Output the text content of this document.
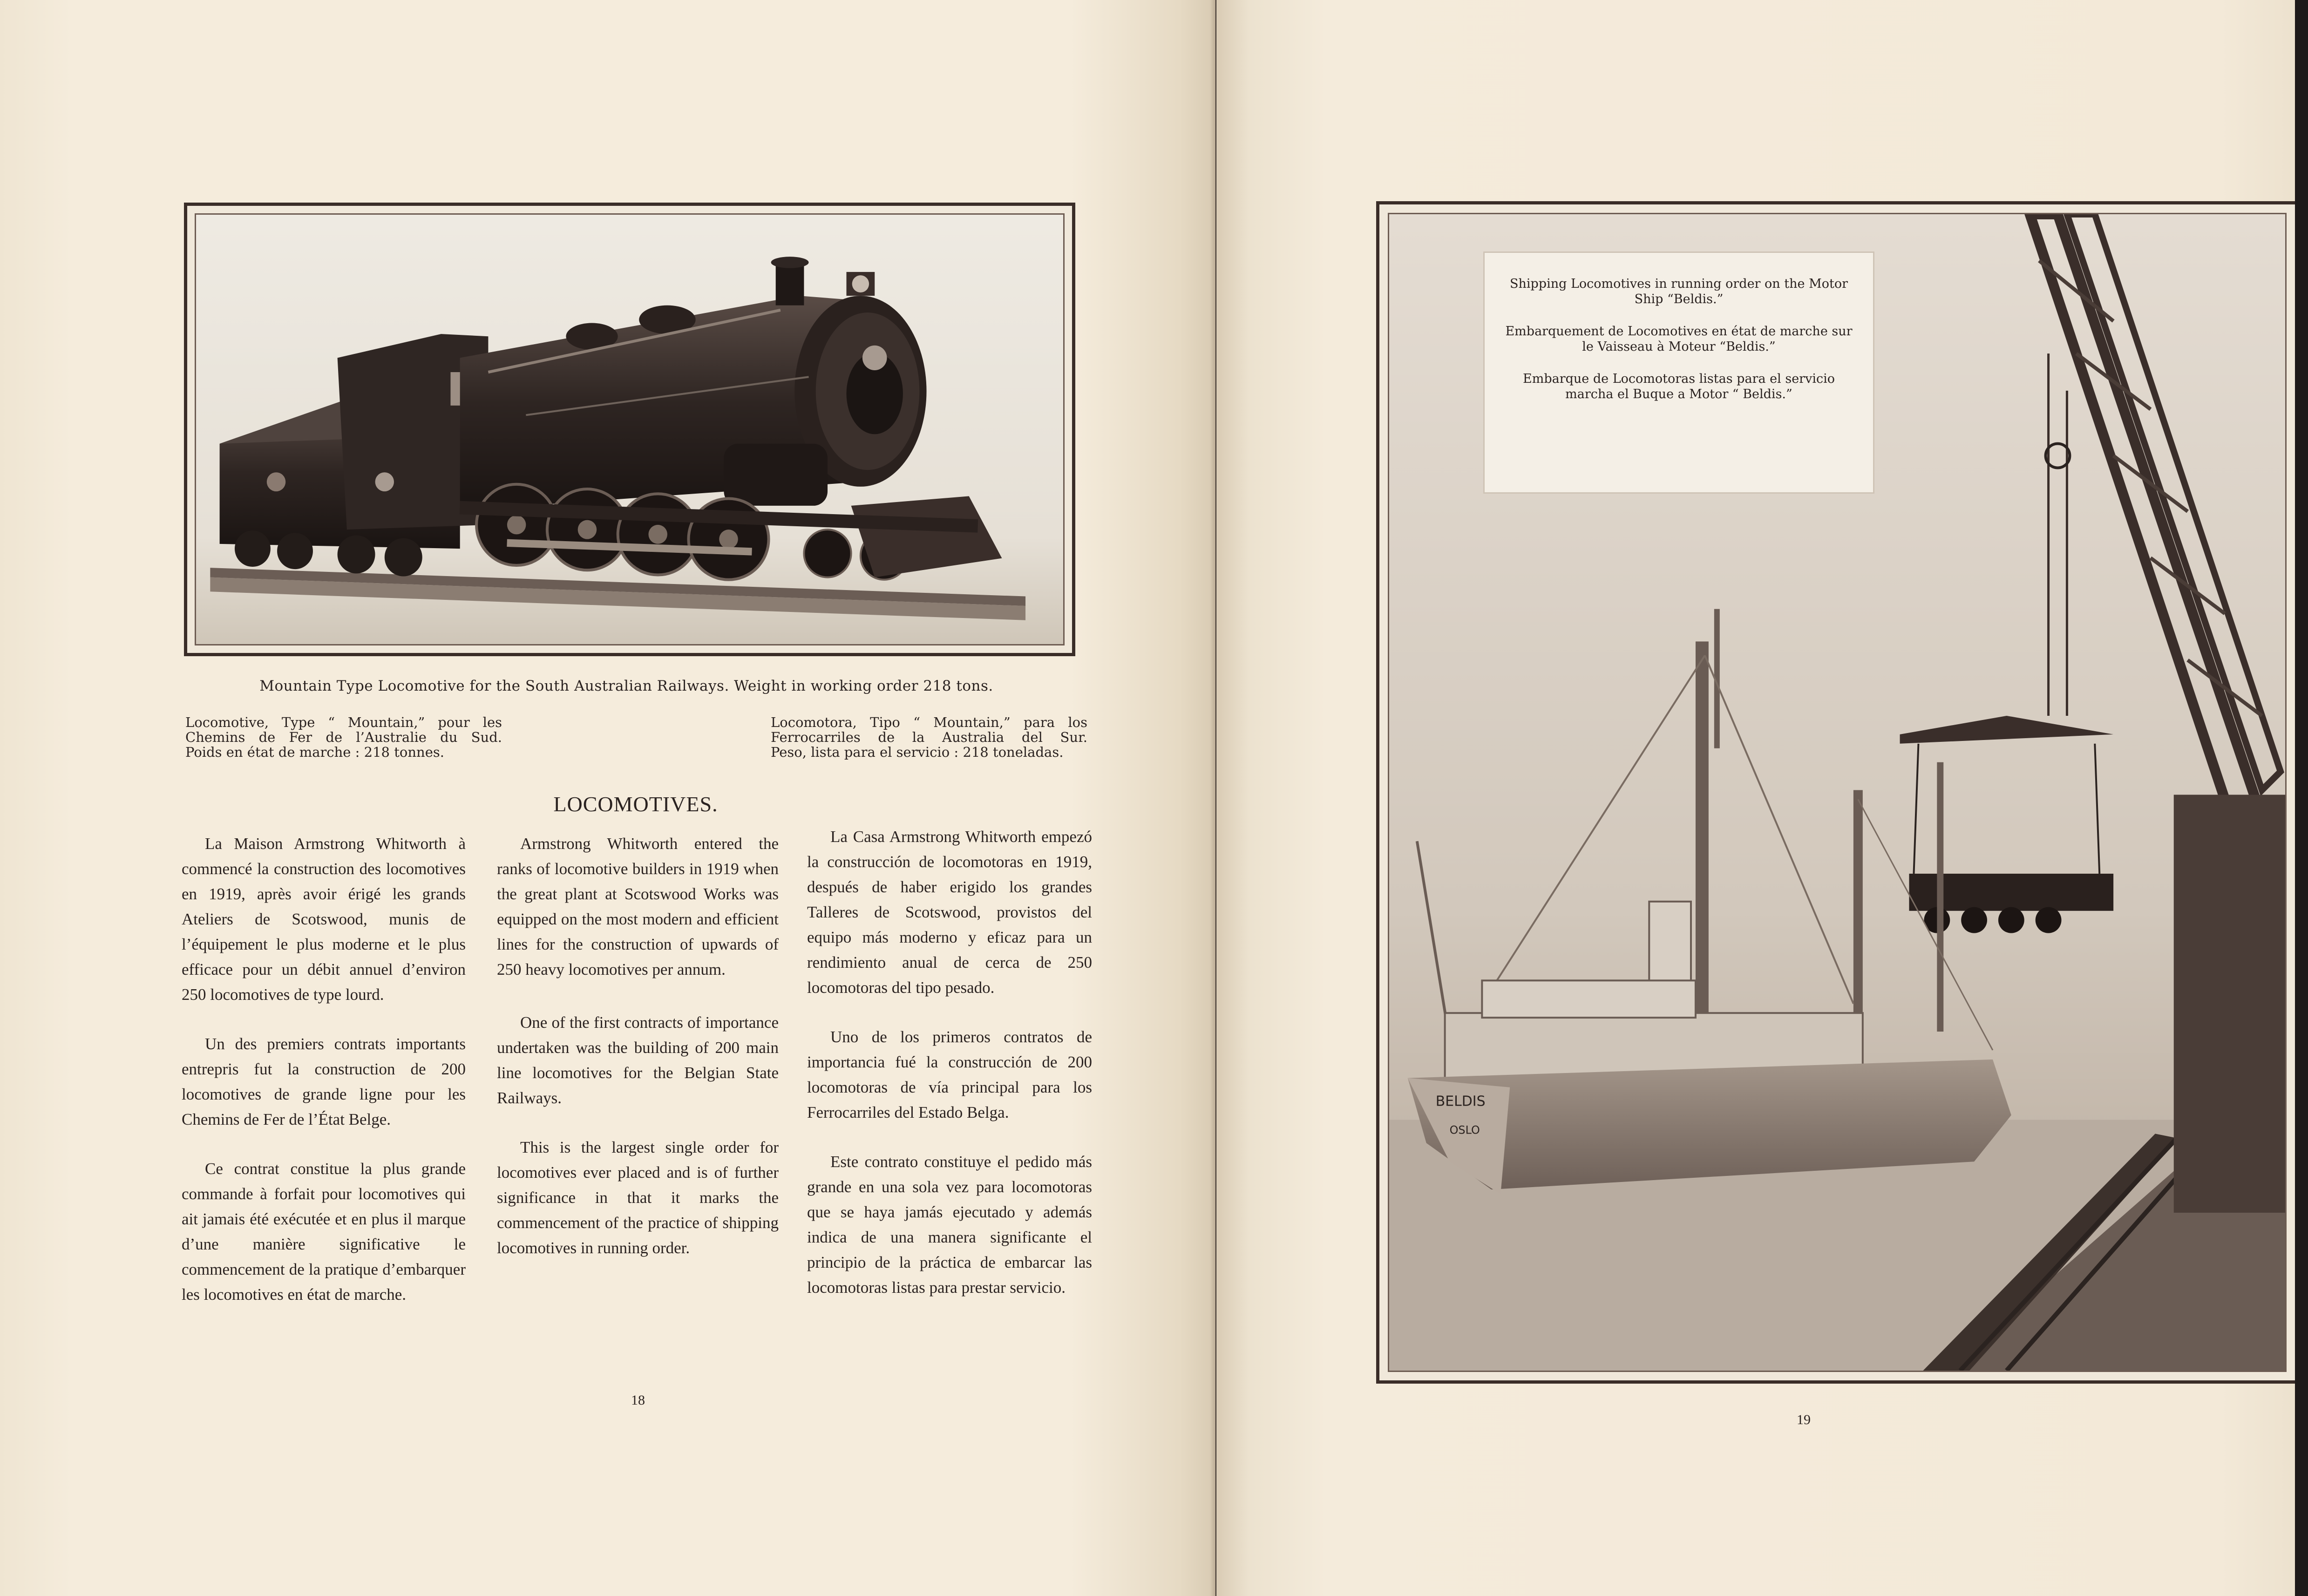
Mountain Type Locomotive for the South Australian Railways. Weight in working order 218 tons.

Locomotive, Type “ Mountain,” pour les

Chemins de Fer de l’Australie du Sud.

Poids en état de marche : 218 tonnes.

Locomotora, Tipo “ Mountain,” para los

Ferrocarriles de la Australia del Sur.

Peso, lista para el servicio : 218 toneladas.

LOCOMOTIVES.

La Maison Armstrong Whitworth à commencé la construction des locomotives en 1919, après avoir érigé les grands Ateliers de Scotswood, munis de l’équipement le plus moderne et le plus efficace pour un débit annuel d’environ 250 locomotives de type lourd.

Un des premiers contrats importants entrepris fut la construction de 200 locomotives de grande ligne pour les Chemins de Fer de l’État Belge.

Ce contrat constitue la plus grande commande à forfait pour locomotives qui ait jamais été exécutée et en plus il marque d’une manière significative le commencement de la pratique d’embarquer les locomotives en état de marche.

Armstrong Whitworth entered the ranks of locomotive builders in 1919 when the great plant at Scotswood Works was equipped on the most modern and efficient lines for the construction of upwards of 250 heavy locomotives per annum.

One of the first contracts of importance undertaken was the building of 200 main line locomotives for the Belgian State Railways.

This is the largest single order for locomotives ever placed and is of further significance in that it marks the commencement of the practice of shipping locomotives in running order.

La Casa Armstrong Whitworth empezó la construcción de locomotoras en 1919, después de haber erigido los grandes Talleres de Scotswood, provistos del equipo más moderno y eficaz para un rendimiento anual de cerca de 250 locomotoras del tipo pesado.

Uno de los primeros contratos de importancia fué la construcción de 200 locomotoras de vía principal para los Ferrocarriles del Estado Belga.

Este contrato constituye el pedido más grande en una sola vez para locomotoras que se haya jamás ejecutado y además indica de una manera significante el principio de la práctica de embarcar las locomotoras listas para prestar servicio.

18
BELDIS
OSLO

Shipping Locomotives in running order on the Motor Ship “Beldis.”

Embarquement de Locomotives en état de marche sur le Vaisseau à Moteur “Beldis.”

Embarque de Locomotoras listas para el servicio marcha el Buque a Motor “ Beldis.”

19
